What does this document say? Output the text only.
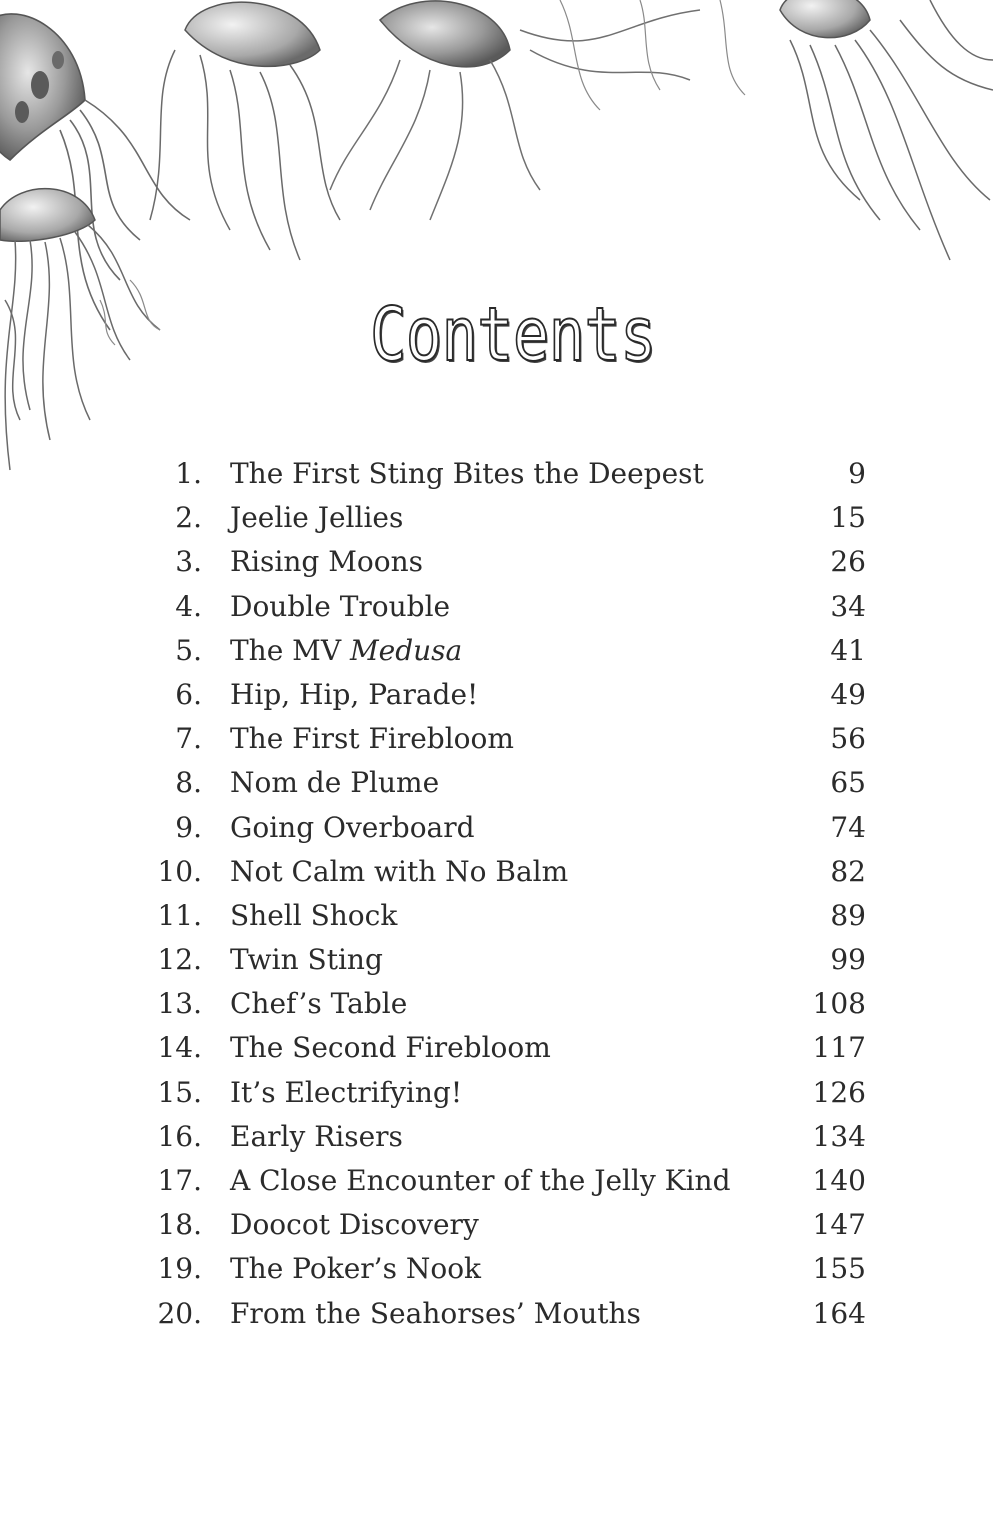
Contents
1. The First Sting Bites the Deepest	9
2. Jeelie Jellies	15
3. Rising Moons	26
4. Double Trouble	34
5. The MV Medusa	41
6. Hip, Hip, Parade!	49
7. The First Firebloom	56
8. Nom de Plume	65
9. Going Overboard	74
10. Not Calm with No Balm	82
11. Shell Shock	89
12. Twin Sting	99
13. Chef’s Table	108
14. The Second Firebloom	117
15. It’s Electrifying!	126
16. Early Risers	134
17. A Close Encounter of the Jelly Kind	140
18. Doocot Discovery	147
19. The Poker’s Nook	155
20. From the Seahorses’ Mouths	164
